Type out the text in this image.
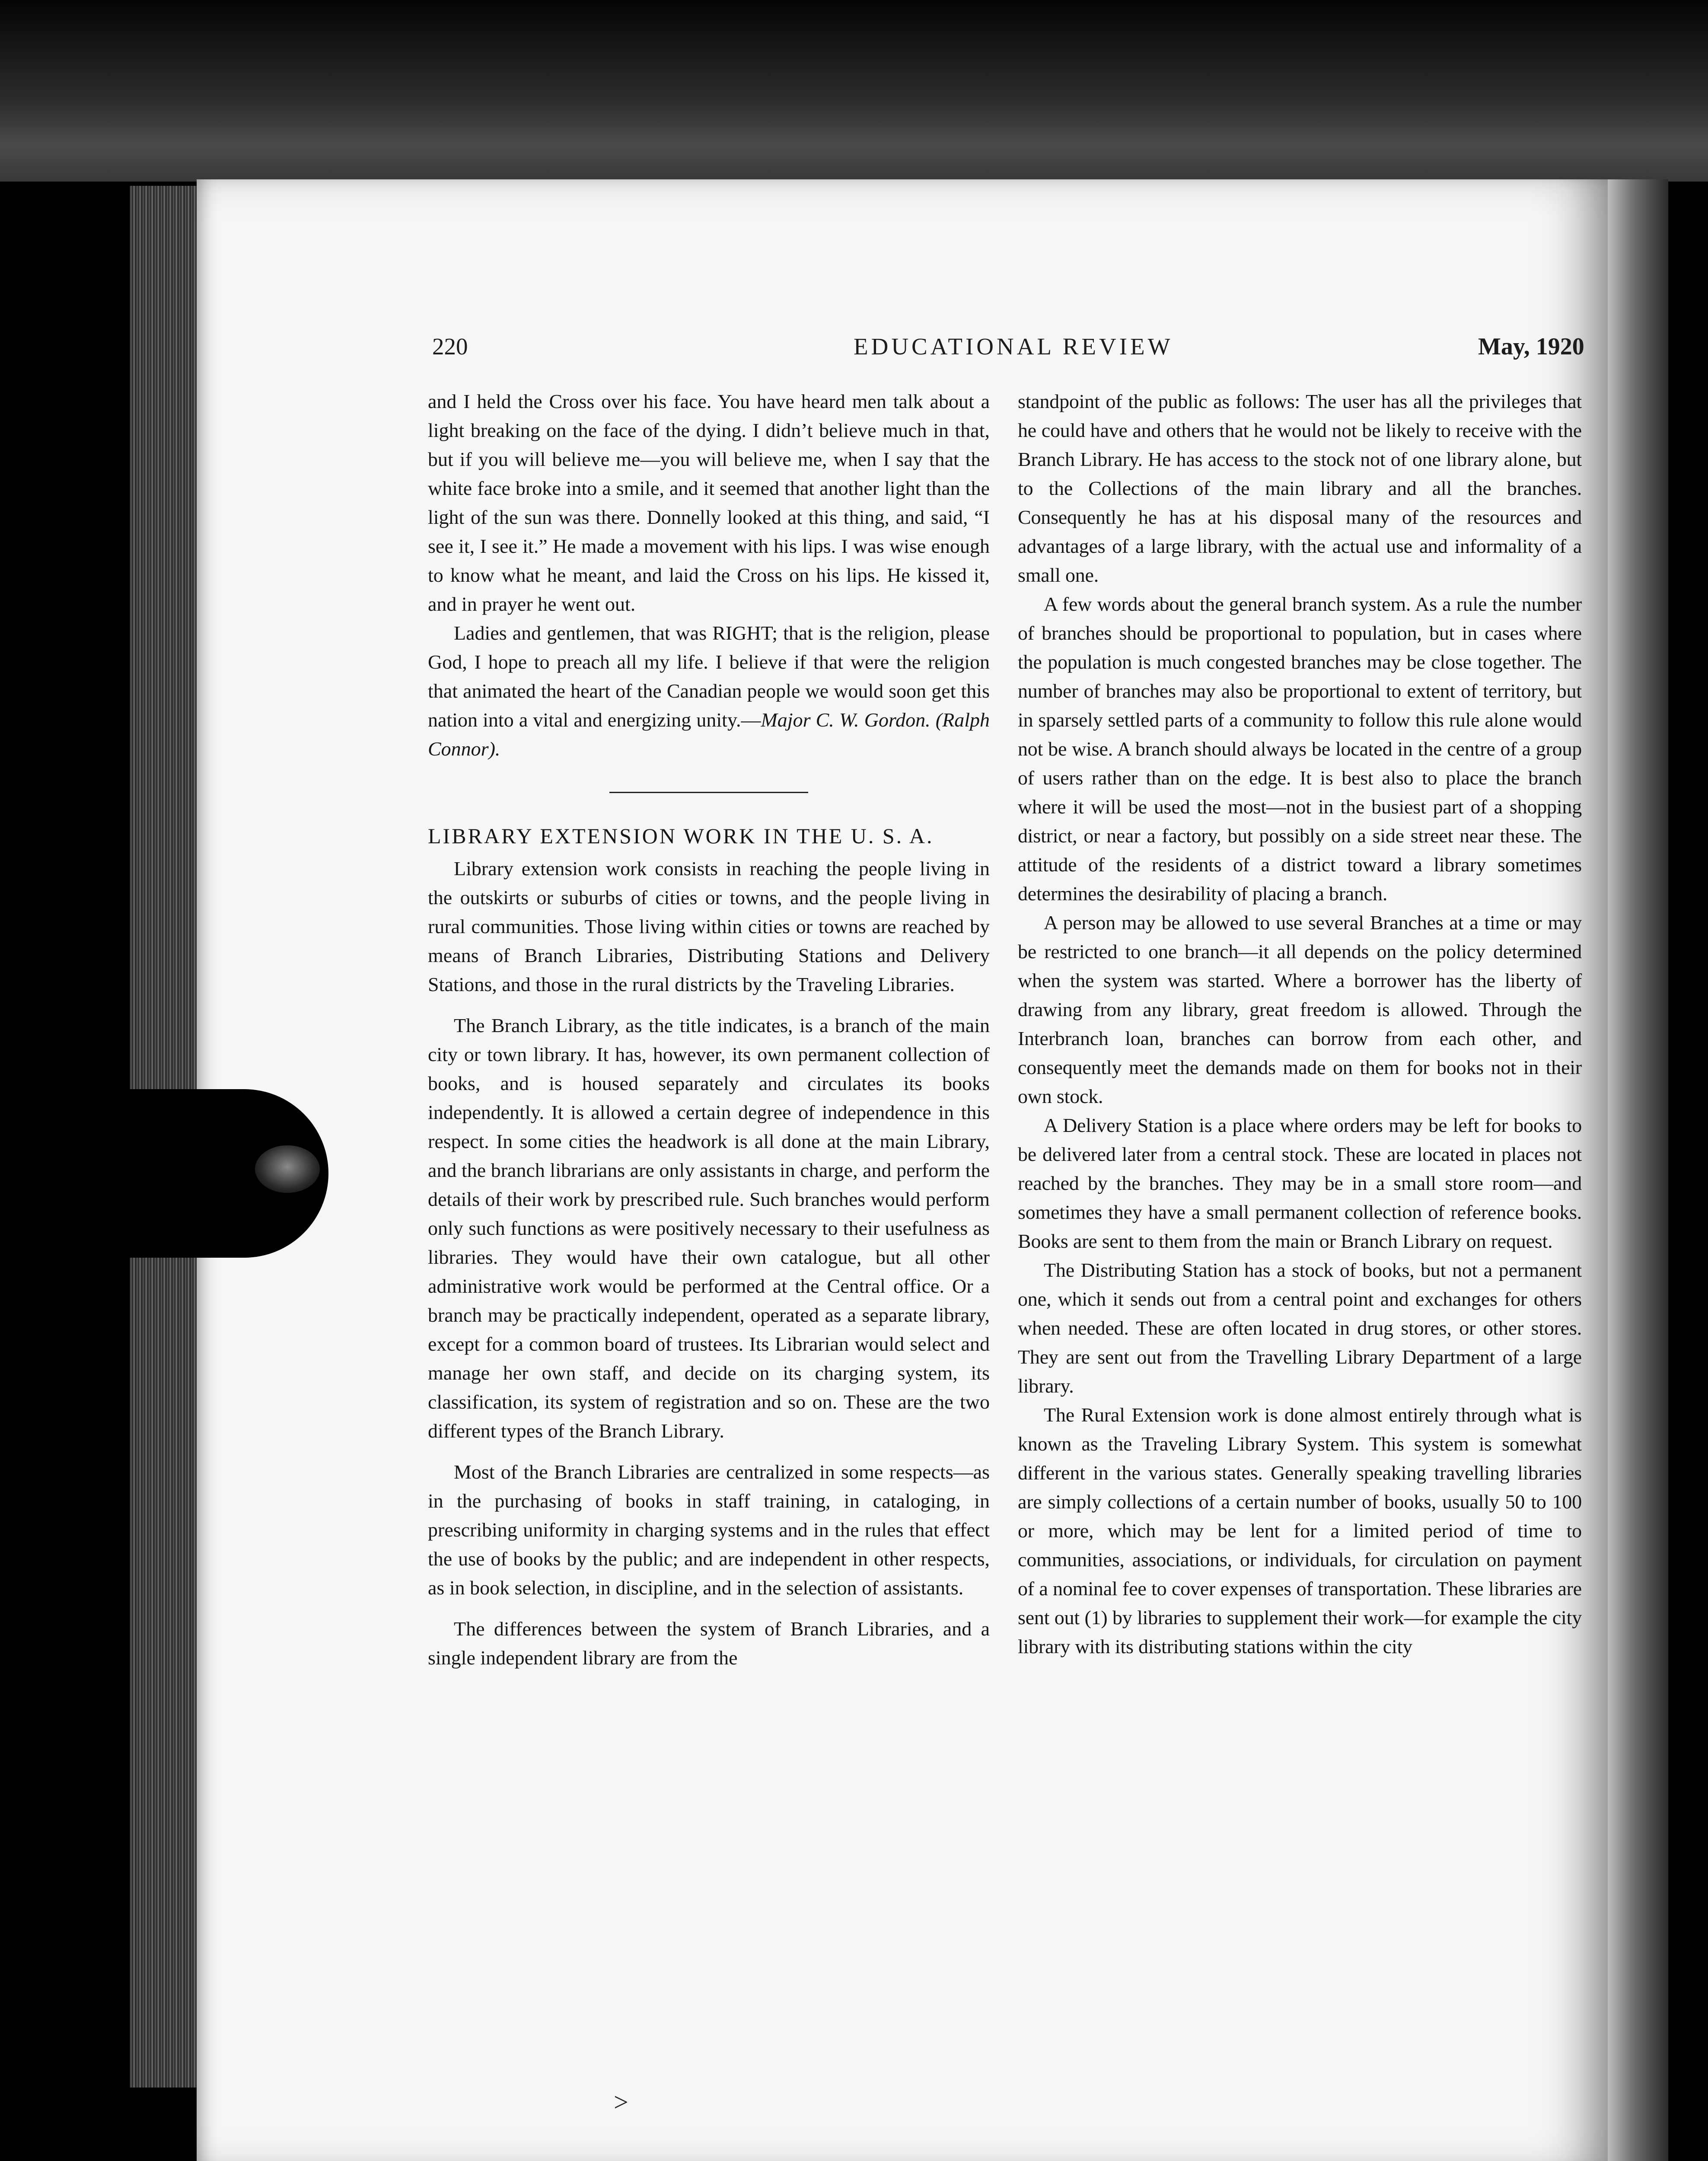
220	EDUCATIONAL REVIEW	May, 1920

and I held the Cross over his face. You have heard men talk about a light breaking on the face of the dying. I didn’t believe much in that, but if you will believe me—you will believe me, when I say that the white face broke into a smile, and it seemed that another light than the light of the sun was there. Donnelly looked at this thing, and said, “I see it, I see it.” He made a movement with his lips. I was wise enough to know what he meant, and laid the Cross on his lips. He kissed it, and in prayer he went out.

Ladies and gentlemen, that was RIGHT; that is the religion, please God, I hope to preach all my life. I believe if that were the religion that animated the heart of the Canadian people we would soon get this nation into a vital and energizing unity.—Major C. W. Gordon. (Ralph Connor).

LIBRARY EXTENSION WORK IN THE U. S. A.

Library extension work consists in reaching the people living in the outskirts or suburbs of cities or towns, and the people living in rural communities. Those living within cities or towns are reached by means of Branch Libraries, Distributing Stations and Delivery Stations, and those in the rural districts by the Traveling Libraries.

The Branch Library, as the title indicates, is a branch of the main city or town library. It has, however, its own permanent collection of books, and is housed separately and circulates its books independently. It is allowed a certain degree of independence in this respect. In some cities the headwork is all done at the main Library, and the branch librarians are only assistants in charge, and perform the details of their work by prescribed rule. Such branches would perform only such functions as were positively necessary to their usefulness as libraries. They would have their own catalogue, but all other administrative work would be performed at the Central office. Or a branch may be practically independent, operated as a separate library, except for a common board of trustees. Its Librarian would select and manage her own staff, and decide on its charging system, its classification, its system of registration and so on. These are the two different types of the Branch Library.

Most of the Branch Libraries are centralized in some respects—as in the purchasing of books in staff training, in cataloging, in prescribing uniformity in charging systems and in the rules that effect the use of books by the public; and are independent in other respects, as in book selection, in discipline, and in the selection of assistants.

The differences between the system of Branch Libraries, and a single independent library are from the

standpoint of the public as follows: The user has all the privileges that he could have and others that he would not be likely to receive with the Branch Library. He has access to the stock not of one library alone, but to the Collections of the main library and all the branches. Consequently he has at his disposal many of the resources and advantages of a large library, with the actual use and informality of a small one.

A few words about the general branch system. As a rule the number of branches should be proportional to population, but in cases where the population is much congested branches may be close together. The number of branches may also be proportional to extent of territory, but in sparsely settled parts of a community to follow this rule alone would not be wise. A branch should always be located in the centre of a group of users rather than on the edge. It is best also to place the branch where it will be used the most—not in the busiest part of a shopping district, or near a factory, but possibly on a side street near these. The attitude of the residents of a district toward a library sometimes determines the desirability of placing a branch.

A person may be allowed to use several Branches at a time or may be restricted to one branch—it all depends on the policy determined when the system was started. Where a borrower has the liberty of drawing from any library, great freedom is allowed. Through the Interbranch loan, branches can borrow from each other, and consequently meet the demands made on them for books not in their own stock.

A Delivery Station is a place where orders may be left for books to be delivered later from a central stock. These are located in places not reached by the branches. They may be in a small store room—and sometimes they have a small permanent collection of reference books. Books are sent to them from the main or Branch Library on request.

The Distributing Station has a stock of books, but not a permanent one, which it sends out from a central point and exchanges for others when needed. These are often located in drug stores, or other stores. They are sent out from the Travelling Library Department of a large library.

The Rural Extension work is done almost entirely through what is known as the Traveling Library System. This system is somewhat different in the various states. Generally speaking travelling libraries are simply collections of a certain number of books, usually 50 to 100 or more, which may be lent for a limited period of time to communities, associations, or individuals, for circulation on payment of a nominal fee to cover expenses of transportation. These libraries are sent out (1) by libraries to supplement their work—for example the city library with its distributing stations within the city

>
